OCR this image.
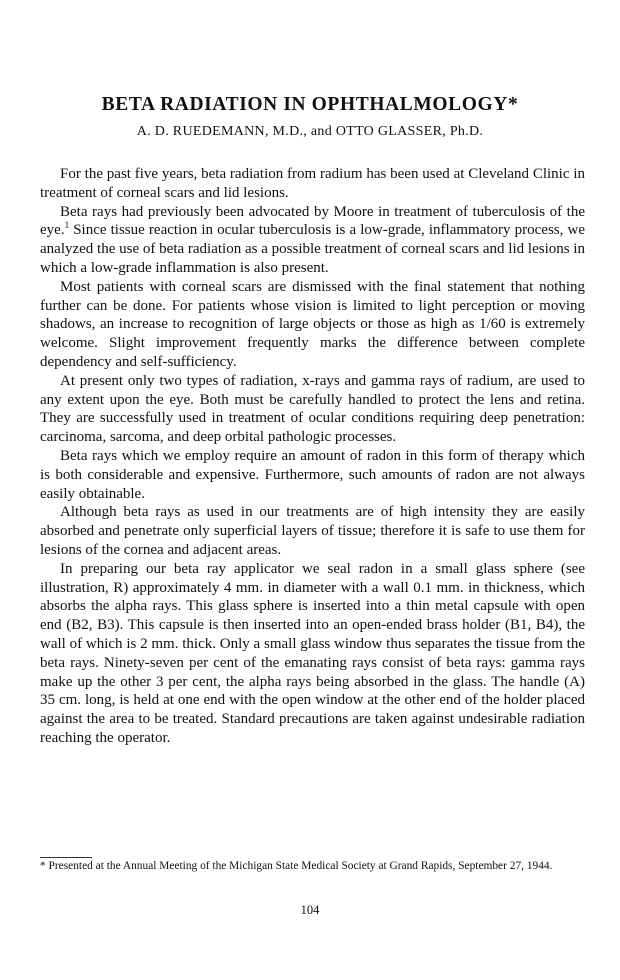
BETA RADIATION IN OPHTHALMOLOGY*

A. D. RUEDEMANN, M.D., and OTTO GLASSER, Ph.D.

For the past five years, beta radiation from radium has been used at Cleveland Clinic in treatment of corneal scars and lid lesions.

Beta rays had previously been advocated by Moore in treatment of tuberculosis of the eye.$^1$ Since tissue reaction in ocular tuberculosis is a low-grade, inflammatory process, we analyzed the use of beta radiation as a possible treatment of corneal scars and lid lesions in which a low-grade inflammation is also present.

Most patients with corneal scars are dismissed with the final statement that nothing further can be done. For patients whose vision is limited to light perception or moving shadows, an increase to recognition of large objects or those as high as 1/60 is extremely welcome. Slight improvement frequently marks the difference between complete dependency and self-sufficiency.

At present only two types of radiation, x-rays and gamma rays of radium, are used to any extent upon the eye. Both must be carefully handled to protect the lens and retina. They are successfully used in treatment of ocular conditions requiring deep penetration: carcinoma, sarcoma, and deep orbital pathologic processes.

Beta rays which we employ require an amount of radon in this form of therapy which is both considerable and expensive. Furthermore, such amounts of radon are not always easily obtainable.

Although beta rays as used in our treatments are of high intensity they are easily absorbed and penetrate only superficial layers of tissue; therefore it is safe to use them for lesions of the cornea and adjacent areas.

In preparing our beta ray applicator we seal radon in a small glass sphere (see illustration, R) approximately 4 mm. in diameter with a wall 0.1 mm. in thickness, which absorbs the alpha rays. This glass sphere is inserted into a thin metal capsule with open end (B2, B3). This capsule is then inserted into an open-ended brass holder (B1, B4), the wall of which is 2 mm. thick. Only a small glass window thus separates the tissue from the beta rays. Ninety-seven per cent of the emanating rays consist of beta rays: gamma rays make up the other 3 per cent, the alpha rays being absorbed in the glass. The handle (A) 35 cm. long, is held at one end with the open window at the other end of the holder placed against the area to be treated. Standard precautions are taken against undesirable radiation reaching the operator.

* Presented at the Annual Meeting of the Michigan State Medical Society at Grand Rapids, September 27, 1944.

104
